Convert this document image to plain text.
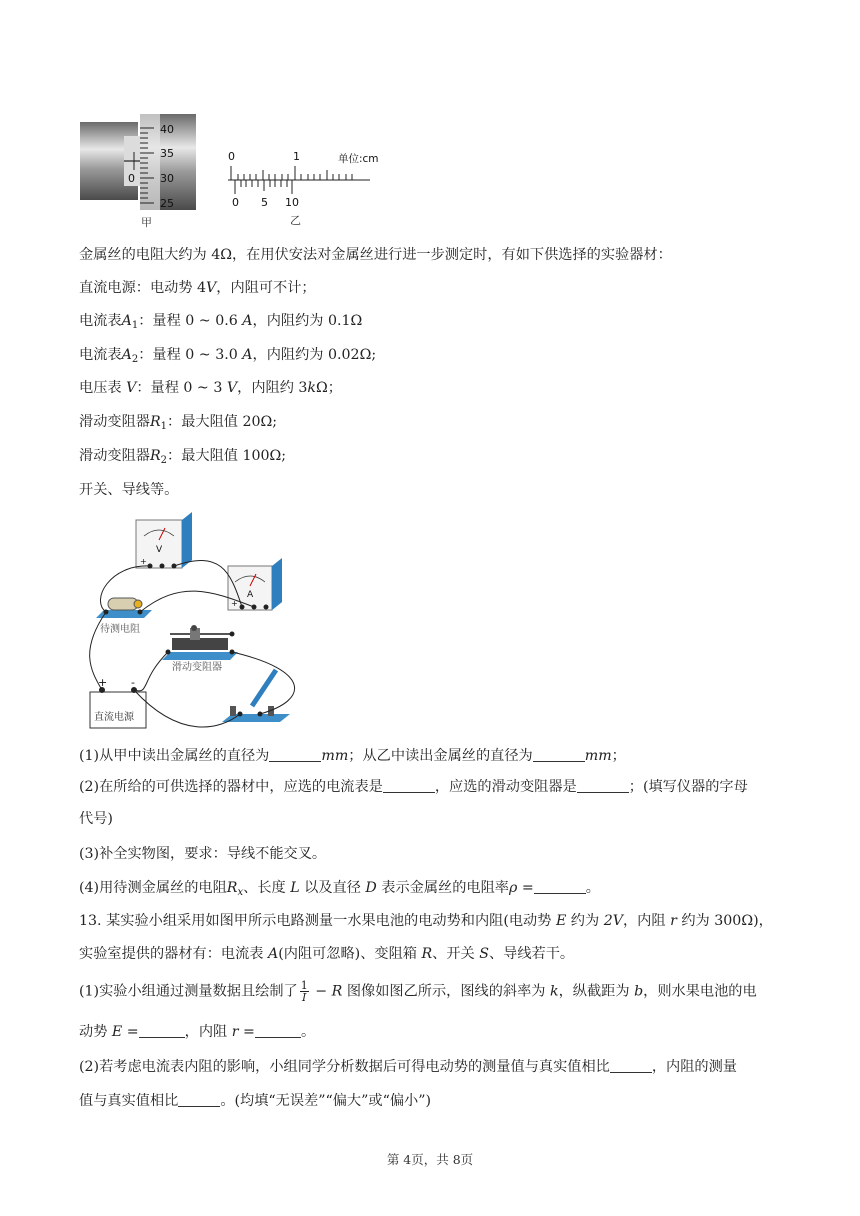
0
40
35
30
25
甲
0	1	单位:cm
0 5 10
乙
金属丝的电阻大约为 4Ω，在用伏安法对金属丝进行进一步测定时，有如下供选择的实验器材：
直流电源：电动势 4V，内阻可不计；
电流表$A_1$：量程 0 ~ 0.6 A，内阻约为 0.1Ω
电流表$A_2$：量程 0 ~ 3.0 A，内阻约为 0.02Ω;
电压表 V：量程 0 ~ 3 V，内阻约 3kΩ；
滑动变阻器$R_1$：最大阻值 20Ω;
滑动变阻器$R_2$：最大阻值 100Ω;
开关、导线等。
V
+
A
+
待测电阻
滑动变阻器
+ -
直流电源
(1)从甲中读出金属丝的直径为	mm；从乙中读出金属丝的直径为	mm；
(2)在所给的可供选择的器材中，应选的电流表是	，应选的滑动变阻器是	；(填写仪器的字母
代号)
(3)补全实物图，要求：导线不能交叉。
(4)用待测金属丝的电阻$R_x$、长度 L 以及直径 D 表示金属丝的电阻率ρ =	。
13. 某实验小组采用如图甲所示电路测量一水果电池的电动势和内阻(电动势 E 约为 2V，内阻 r 约为 300Ω)，
实验室提供的器材有：电流表 A(内阻可忽略)、变阻箱 R、开关 S、导线若干。
(1)实验小组通过测量数据且绘制了 $\frac{1}{I} - R$ 图像如图乙所示，图线的斜率为 k，纵截距为 b，则水果电池的电
动势 E =	，内阻 r =	。
(2)若考虑电流表内阻的影响，小组同学分析数据后可得电动势的测量值与真实值相比	，内阻的测量
值与真实值相比	。(均填“无误差”“偏大”或“偏小”)
第 4页，共 8页
